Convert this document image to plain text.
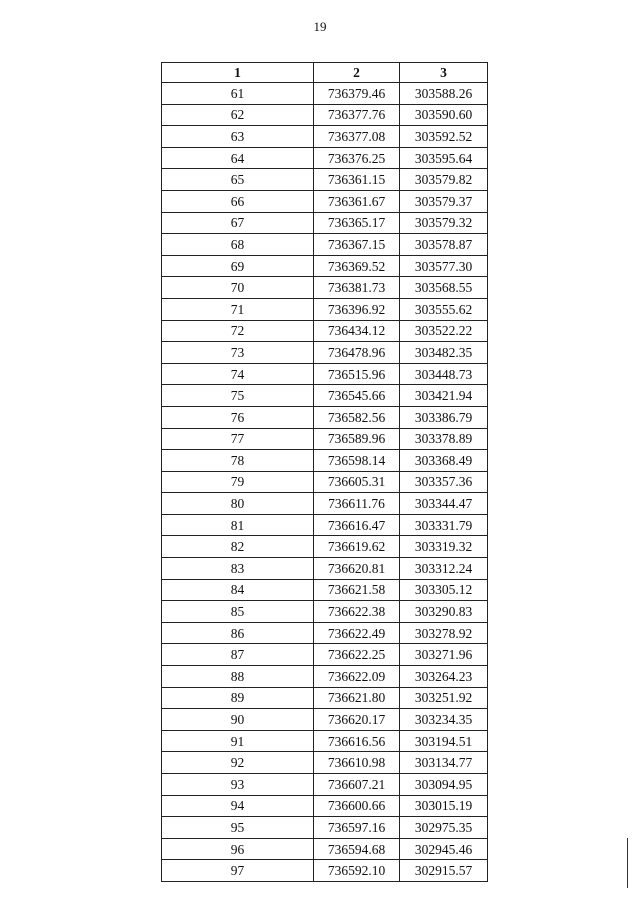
19
1	2	3
61	736379.46	303588.26
62	736377.76	303590.60
63	736377.08	303592.52
64	736376.25	303595.64
65	736361.15	303579.82
66	736361.67	303579.37
67	736365.17	303579.32
68	736367.15	303578.87
69	736369.52	303577.30
70	736381.73	303568.55
71	736396.92	303555.62
72	736434.12	303522.22
73	736478.96	303482.35
74	736515.96	303448.73
75	736545.66	303421.94
76	736582.56	303386.79
77	736589.96	303378.89
78	736598.14	303368.49
79	736605.31	303357.36
80	736611.76	303344.47
81	736616.47	303331.79
82	736619.62	303319.32
83	736620.81	303312.24
84	736621.58	303305.12
85	736622.38	303290.83
86	736622.49	303278.92
87	736622.25	303271.96
88	736622.09	303264.23
89	736621.80	303251.92
90	736620.17	303234.35
91	736616.56	303194.51
92	736610.98	303134.77
93	736607.21	303094.95
94	736600.66	303015.19
95	736597.16	302975.35
96	736594.68	302945.46
97	736592.10	302915.57
